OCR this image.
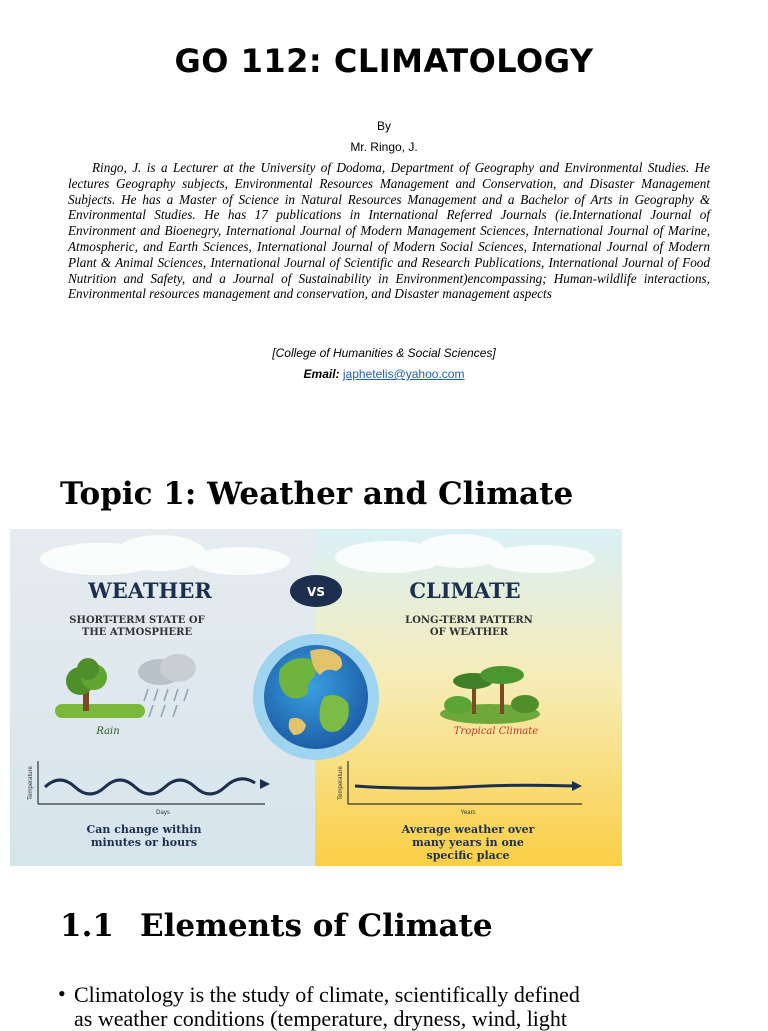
GO 112: CLIMATOLOGY
By
Mr. Ringo, J.

Ringo, J. is a Lecturer at the University of Dodoma, Department of Geography and Environmental Studies. He lectures Geography subjects, Environmental Resources Management and Conservation, and Disaster Management Subjects. He has a Master of Science in Natural Resources Management and a Bachelor of Arts in Geography & Environmental Studies. He has 17 publications in International Referred Journals (ie.International Journal of Environment and Bioenegry, International Journal of Modern Management Sciences, International Journal of Marine, Atmospheric, and Earth Sciences, International Journal of Modern Social Sciences, International Journal of Modern Plant & Animal Sciences, International Journal of Scientific and Research Publications, International Journal of Food Nutrition and Safety, and a Journal of Sustainability in Environment)encompassing; Human-wildlife interactions, Environmental resources management and conservation, and Disaster management aspects

[College of Humanities & Social Sciences]
Email: japhetelis@yahoo.com
Topic 1: Weather and Climate
WEATHER	VS	CLIMATE
SHORT-TERM STATE OF
THE ATMOSPHERE
LONG-TERM PATTERN
OF WEATHER
Rain	Tropical Climate
Temperature
Days
Temperature
Years
Can change within
minutes or hours
Average weather over
many years in one
specific place
1.1 Elements of Climate
• Climatology is the study of climate, scientifically defined
as weather conditions (temperature, dryness, wind, light
